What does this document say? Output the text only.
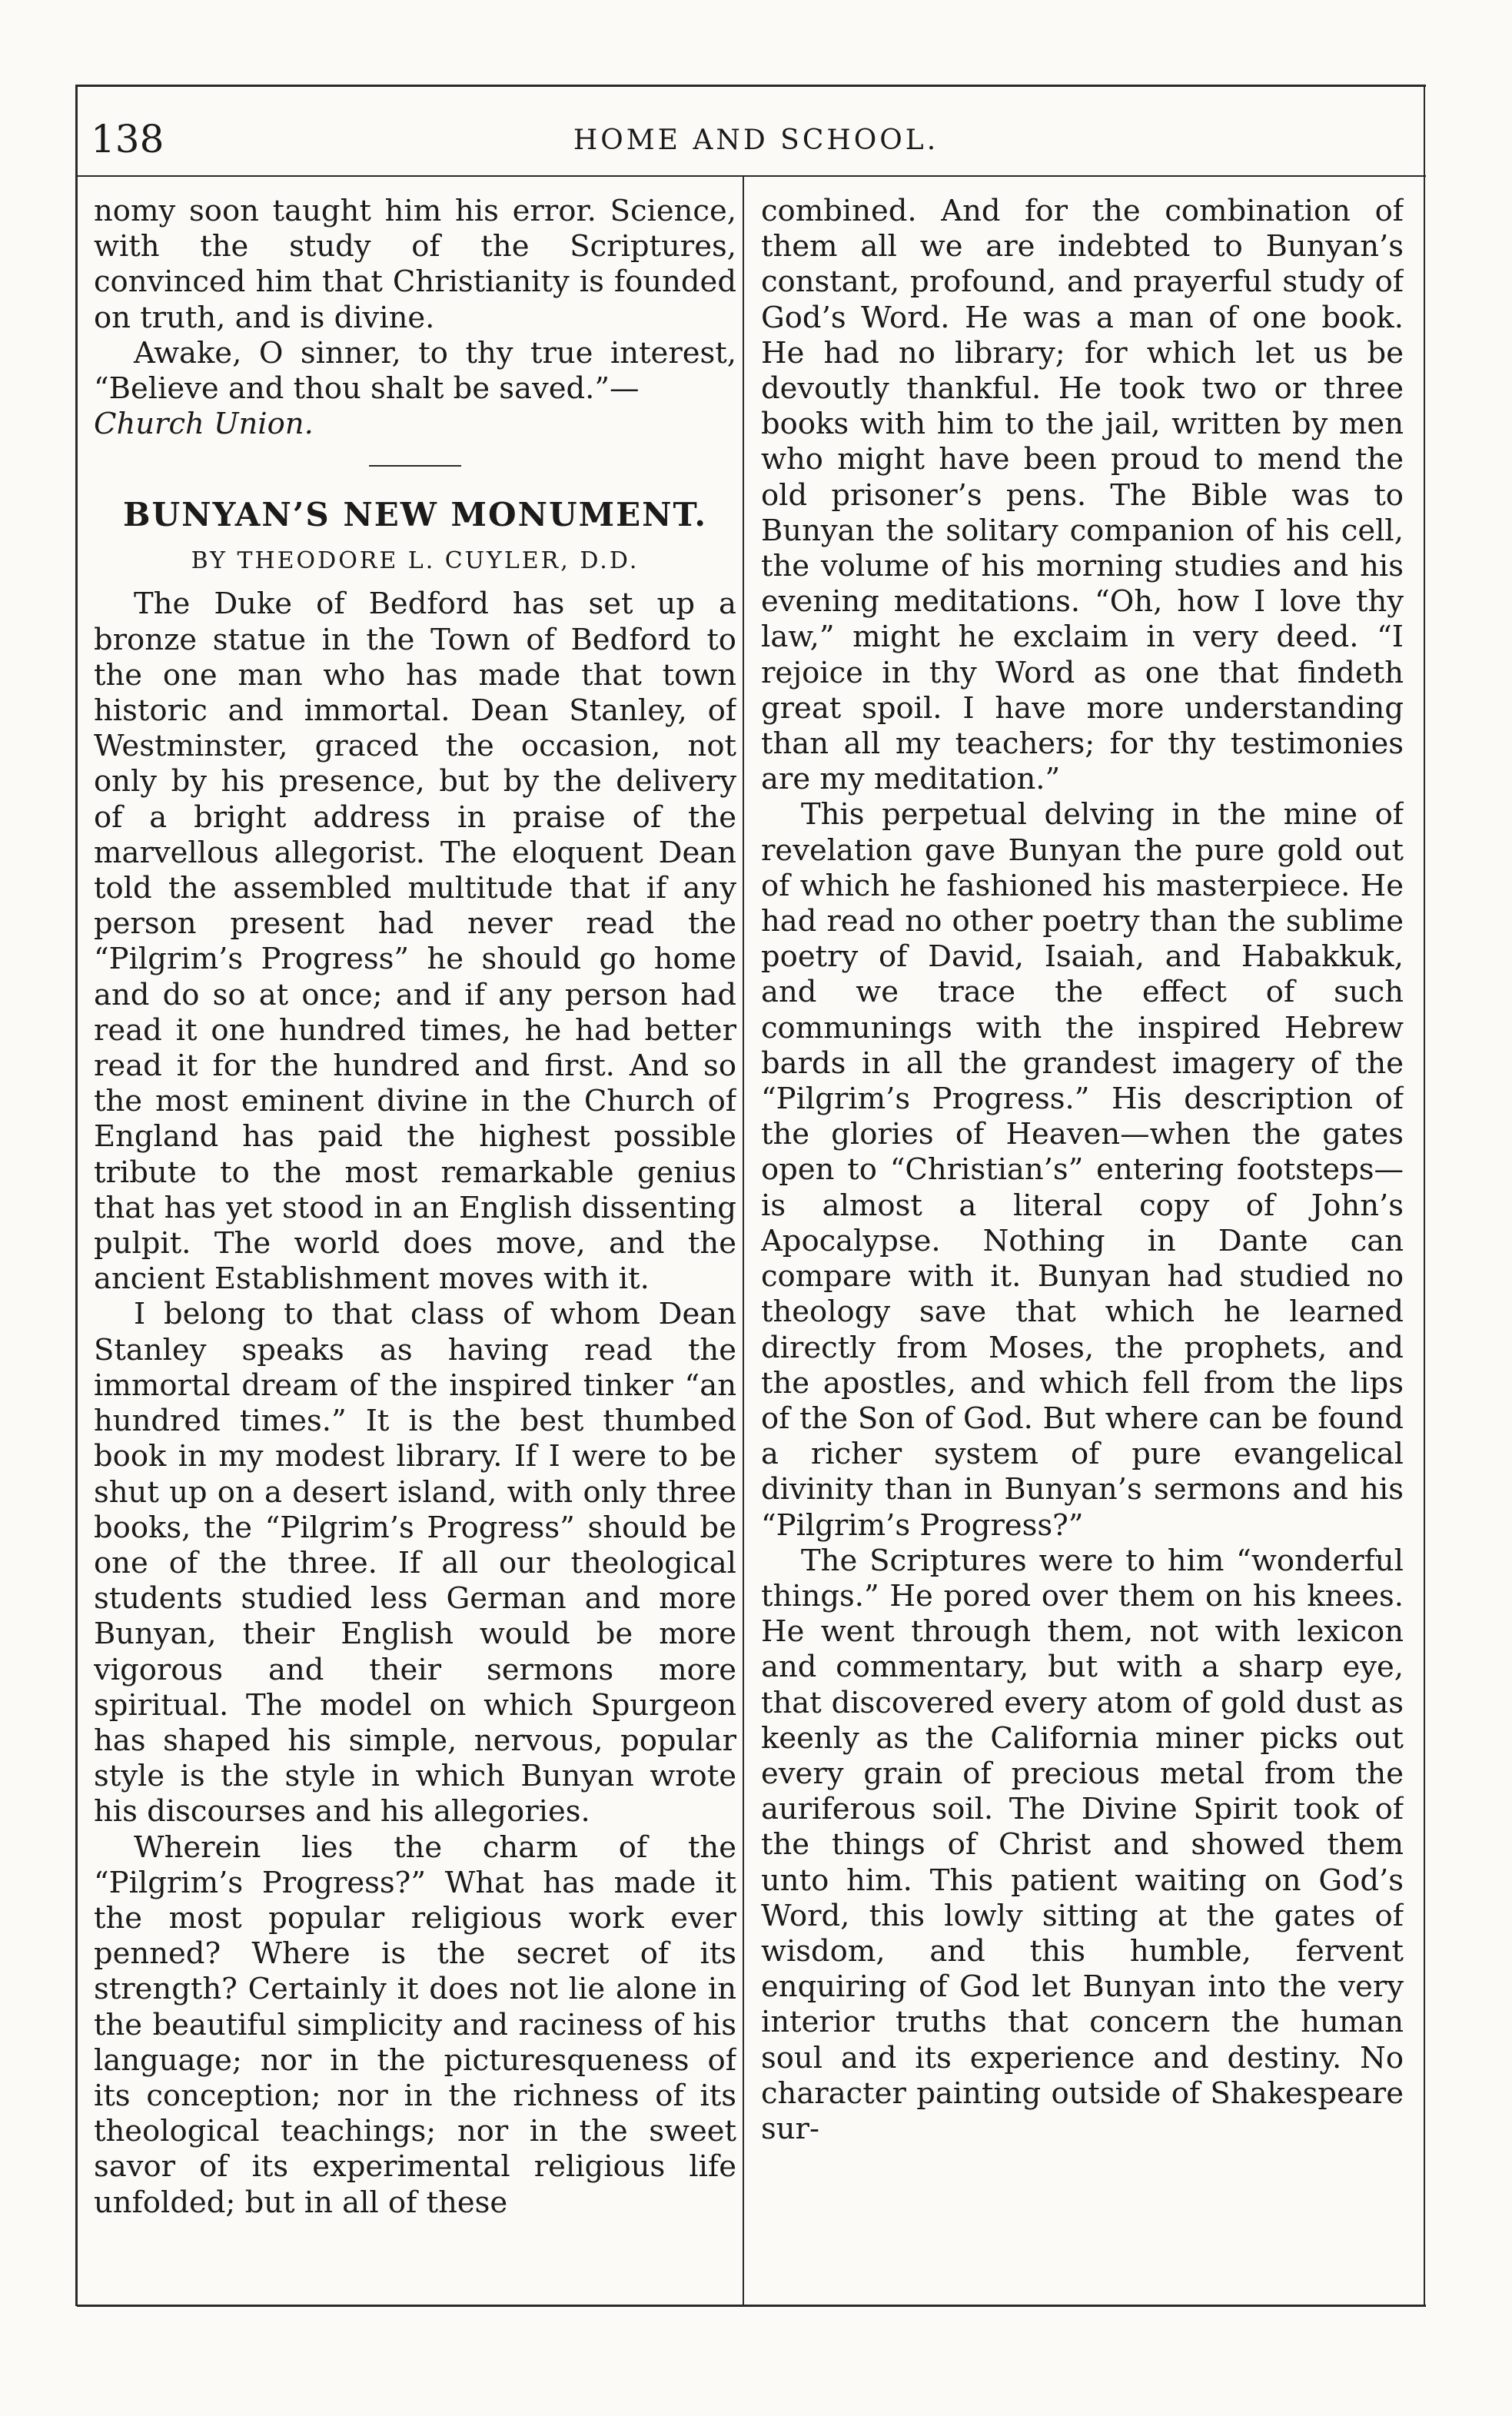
138	HOME AND SCHOOL.

nomy soon taught him his error. Science, with the study of the Scriptures, convinced him that Christianity is founded on truth, and is divine.

Awake, O sinner, to thy true interest, “Believe and thou shalt be saved.”—

Church Union.

BUNYAN’S NEW MONUMENT.
BY THEODORE L. CUYLER, D.D.

The Duke of Bedford has set up a bronze statue in the Town of Bedford to the one man who has made that town historic and immortal. Dean Stanley, of Westminster, graced the occasion, not only by his presence, but by the delivery of a bright address in praise of the marvellous allegorist. The eloquent Dean told the assembled multitude that if any person present had never read the “Pilgrim’s Progress” he should go home and do so at once; and if any person had read it one hundred times, he had better read it for the hundred and first. And so the most eminent divine in the Church of England has paid the highest possible tribute to the most remarkable genius that has yet stood in an English dissenting pulpit. The world does move, and the ancient Establishment moves with it.

I belong to that class of whom Dean Stanley speaks as having read the immortal dream of the inspired tinker “an hundred times.” It is the best thumbed book in my modest library. If I were to be shut up on a desert island, with only three books, the “Pilgrim’s Progress” should be one of the three. If all our theological students studied less German and more Bunyan, their English would be more vigorous and their sermons more spiritual. The model on which Spurgeon has shaped his simple, nervous, popular style is the style in which Bunyan wrote his discourses and his allegories.

Wherein lies the charm of the “Pilgrim’s Progress?” What has made it the most popular religious work ever penned? Where is the secret of its strength? Certainly it does not lie alone in the beautiful simplicity and raciness of his language; nor in the picturesqueness of its conception; nor in the richness of its theological teachings; nor in the sweet savor of its experimental religious life unfolded; but in all of these

combined. And for the combination of them all we are indebted to Bunyan’s constant, profound, and prayerful study of God’s Word. He was a man of one book. He had no library; for which let us be devoutly thankful. He took two or three books with him to the jail, written by men who might have been proud to mend the old prisoner’s pens. The Bible was to Bunyan the solitary companion of his cell, the volume of his morning studies and his evening meditations. “Oh, how I love thy law,” might he exclaim in very deed. “I rejoice in thy Word as one that findeth great spoil. I have more understanding than all my teachers; for thy testimonies are my meditation.”

This perpetual delving in the mine of revelation gave Bunyan the pure gold out of which he fashioned his masterpiece. He had read no other poetry than the sublime poetry of David, Isaiah, and Habakkuk, and we trace the effect of such communings with the inspired Hebrew bards in all the grandest imagery of the “Pilgrim’s Progress.” His description of the glories of Heaven—when the gates open to “Christian’s” entering footsteps—is almost a literal copy of John’s Apocalypse. Nothing in Dante can compare with it. Bunyan had studied no theology save that which he learned directly from Moses, the prophets, and the apostles, and which fell from the lips of the Son of God. But where can be found a richer system of pure evangelical divinity than in Bunyan’s sermons and his “Pilgrim’s Progress?”

The Scriptures were to him “wonderful things.” He pored over them on his knees. He went through them, not with lexicon and commentary, but with a sharp eye, that discovered every atom of gold dust as keenly as the California miner picks out every grain of precious metal from the auriferous soil. The Divine Spirit took of the things of Christ and showed them unto him. This patient waiting on God’s Word, this lowly sitting at the gates of wisdom, and this humble, fervent enquiring of God let Bunyan into the very interior truths that concern the human soul and its experience and destiny. No character painting outside of Shakespeare sur-
